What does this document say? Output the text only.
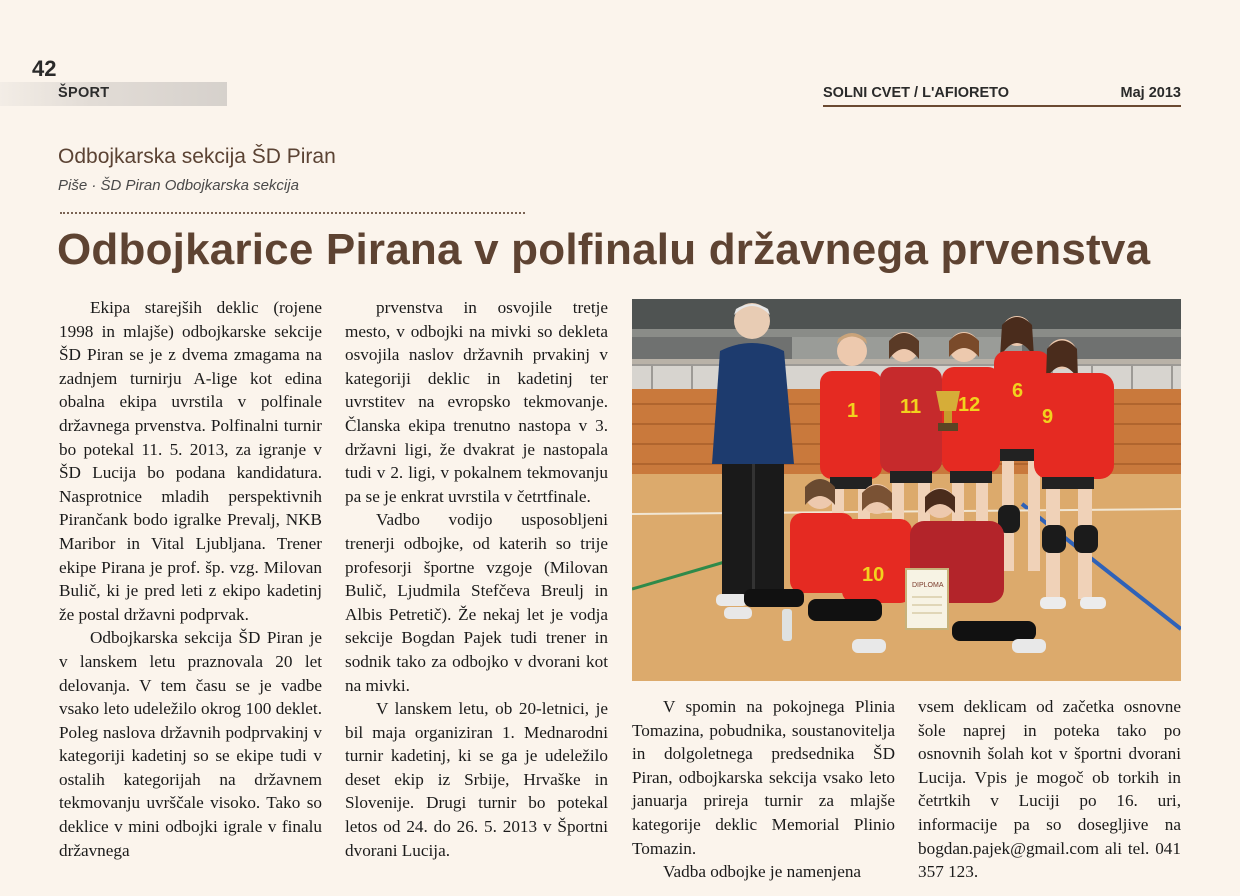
42
ŠPORT	SOLNI CVET / L'AFIORETO	Maj 2013
Odbojkarska sekcija ŠD Piran
Piše · ŠD Piran Odbojkarska sekcija
Odbojkarice Pirana v polfinalu državnega prvenstva

Ekipa starejših deklic (rojene 1998 in mlajše) odbojkarske sekcije ŠD Piran se je z dvema zmagama na zadnjem turnirju A-lige kot edina obalna ekipa uvrstila v polfinale državnega prvenstva. Polfinalni turnir bo potekal 11. 5. 2013, za igranje v ŠD Lucija bo podana kandidatura. Nasprotnice mladih perspektivnih Pirančank bodo igralke Prevalj, NKB Maribor in Vital Ljubljana. Trener ekipe Pirana je prof. šp. vzg. Milovan Bulič, ki je pred leti z ekipo kadetinj že postal državni podprvak.

Odbojkarska sekcija ŠD Piran je v lanskem letu praznovala 20 let delovanja. V tem času se je vadbe vsako leto udeležilo okrog 100 deklet. Poleg naslova državnih podprvakinj v kategoriji kadetinj so se ekipe tudi v ostalih kategorijah na državnem tekmovanju uvrščale visoko. Tako so deklice v mini odbojki igrale v finalu državnega

prvenstva in osvojile tretje mesto, v odbojki na mivki so dekleta osvojila naslov državnih prvakinj v kategoriji deklic in kadetinj ter uvrstitev na evropsko tekmovanje. Članska ekipa trenutno nastopa v 3. državni ligi, že dvakrat je nastopala tudi v 2. ligi, v pokalnem tekmovanju pa se je enkrat uvrstila v četrtfinale.

Vadbo vodijo usposobljeni trenerji odbojke, od katerih so trije profesorji športne vzgoje (Milovan Bulič, Ljudmila Stefčeva Breulj in Albis Petretič). Že nekaj let je vodja sekcije Bogdan Pajek tudi trener in sodnik tako za odbojko v dvorani kot na mivki.

V lanskem letu, ob 20-letnici, je bil maja organiziran 1. Mednarodni turnir kadetinj, ki se ga je udeležilo deset ekip iz Srbije, Hrvaške in Slovenije. Drugi turnir bo potekal letos od 24. do 26. 5. 2013 v Športni dvorani Lucija.

1 11 12
6
9
10	DIPLOMA

V spomin na pokojnega Plinia Tomazina, pobudnika, soustanovitelja in dolgoletnega predsednika ŠD Piran, odbojkarska sekcija vsako leto januarja prireja turnir za mlajše kategorije deklic Memorial Plinio Tomazin.

Vadba odbojke je namenjena

vsem deklicam od začetka osnovne šole naprej in poteka tako po osnovnih šolah kot v športni dvorani Lucija. Vpis je mogoč ob torkih in četrtkih v Luciji po 16. uri, informacije pa so dosegljive na bogdan.pajek@gmail.com ali tel. 041 357 123.
